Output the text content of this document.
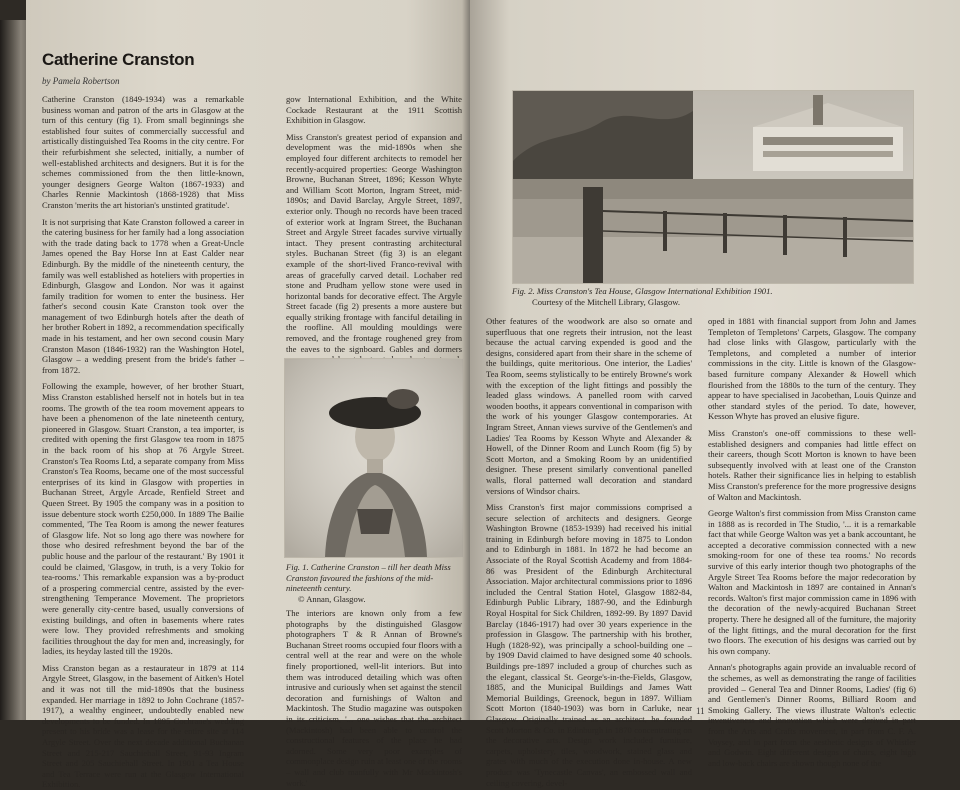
Catherine Cranston
by Pamela Robertson

Catherine Cranston (1849-1934) was a remarkable business woman and patron of the arts in Glasgow at the turn of this century (fig 1). From small beginnings she established four suites of commercially successful and artistically distinguished Tea Rooms in the city centre. For their refurbishment she selected, initially, a number of well-established architects and designers. But it is for the schemes commissioned from the then little-known, younger designers George Walton (1867-1933) and Charles Rennie Mackintosh (1868-1928) that Miss Cranston 'merits the art historian's unstinted gratitude'.

It is not surprising that Kate Cranston followed a career in the catering business for her family had a long association with the trade dating back to 1778 when a Great-Uncle James opened the Bay Horse Inn at East Calder near Edinburgh. By the middle of the nineteenth century, the family was well established as hoteliers with properties in Edinburgh, Glasgow and London. Nor was it against family tradition for women to enter the business. Her father's second cousin Kate Cranston took over the management of two Edinburgh hotels after the death of her brother Robert in 1892, a recommendation specifically made in his testament, and her own second cousin Mary Cranston Mason (1846-1932) ran the Washington Hotel, Glasgow – a wedding present from the bride's father – from 1872.

Following the example, however, of her brother Stuart, Miss Cranston established herself not in hotels but in tea rooms. The growth of the tea room movement appears to have been a phenomenon of the late nineteenth century, pioneered in Glasgow. Stuart Cranston, a tea importer, is credited with opening the first Glasgow tea room in 1875 in the back room of his shop at 76 Argyle Street. Cranston's Tea Rooms Ltd, a separate company from Miss Cranston's Tea Rooms, became one of the most successful enterprises of its kind in Glasgow with properties in Buchanan Street, Argyle Arcade, Renfield Street and Queen Street. By 1905 the company was in a position to issue debenture stock worth £250,000. In 1889 The Bailie commented, 'The Tea Room is among the newer features of Glasgow life. Not so long ago there was nowhere for those who desired refreshment beyond the bar of the public house and the parlour of the restaurant.' By 1901 it could be claimed, 'Glasgow, in truth, is a very Tokio for tea-rooms.' This remarkable expansion was a by-product of a prospering commercial centre, assisted by the ever-strengthening Temperance Movement. The proprietors were generally city-centre based, usually conversions of existing buildings, and often in basements where rates were low. They provided refreshments and smoking facilities throughout the day for men and, increasingly, for ladies, its heyday lasted till the 1920s.

Miss Cranston began as a restaurateur in 1879 at 114 Argyle Street, Glasgow, in the basement of Aitken's Hotel and it was not till the mid-1890s that the business expanded. Her marriage in 1892 to John Cochrane (1857-1917), a wealthy engineer, undoubtedly enabled new developments to be funded. In 1895 Cochrane's wedding present to his bride was a lease for the entire site at 114 Argyle Street. Over the next decade additional Buchanan Street and 215-217 Sauchiehall Street, 91-93 Ingram Street and 205 Sauchiehall Street. In 1901 a Tea House and Tea Terrace were run at the Glasgow International Exhibition.

gow International Exhibition, and the White Cockade Restaurant at the 1911 Scottish Exhibition in Glasgow.

Miss Cranston's greatest period of expansion and development was the mid-1890s when she employed four different architects to remodel her recently-acquired properties: George Washington Browne, Buchanan Street, 1896; Kesson Whyte and William Scott Morton, Ingram Street, mid-1890s; and David Barclay, Argyle Street, 1897, exterior only. Though no records have been traced of exterior work at Ingram Street, the Buchanan Street and Argyle Street facades survive virtually intact. They present contrasting architectural styles. Buchanan Street (fig 3) is an elegant example of the short-lived Franco-revival with areas of gracefully carved detail. Lochaber red stone and Prudham yellow stone were used in horizontal bands for decorative effect. The Argyle Street facade (fig 2) presents a more austere but equally striking frontage with fanciful detailing in the roofline. All moulding mouldings were removed, and the frontage roughened grey from the eaves to the signboard. Gables and dormers

Fig. 1. Catherine Cranston – till her death Miss Cranston favoured the fashions of the mid-nineteenth century.
© Annan, Glasgow.

The interiors are known only from a few photographs by the distinguished Glasgow photographers T & R Annan of Browne's Buchanan Street rooms occupied four floors with a central well at the rear and were on the whole finely proportioned, well-lit interiors. But into them was introduced detailing which was often intrusive and curiously when set against the stencil decoration and furnishings of Walton and Mackintosh. The Studio magazine was outspoken in its criticism, '... one wishes that the architect (Mackintosh) had been able to control the constructional features of the place he had adorned. Some very poor examples of commonplace design ruin at least one of the rooms – wall and club manfully with Mr Mackintosh's work.'

Fig. 2. Miss Cranston's Tea House, Glasgow International Exhibition 1901.
Courtesy of the Mitchell Library, Glasgow.

Other features of the woodwork are also so ornate and superfluous that one regrets their intrusion, not the least because the actual carving expended is good and the designs, considered apart from their share in the scheme of the buildings, quite meritorious. One interior, the Ladies' Tea Room, seems stylistically to be entirely Browne's work with the exception of the light fittings and possibly the leaded glass windows. A panelled room with carved wooden booths, it appears conventional in comparison with the work of his younger Glasgow contemporaries. At Ingram Street, Annan views survive of the Gentlemen's and Ladies' Tea Rooms by Kesson Whyte and Alexander & Howell, of the Dinner Room and Lunch Room (fig 5) by Scott Morton, and a Smoking Room by an unidentified designer. These present similarly conventional panelled walls, floral patterned wall decoration and standard versions of Windsor chairs.

Miss Cranston's first major commissions comprised a secure selection of architects and designers. George Washington Browne (1853-1939) had received his initial training in Edinburgh before moving in 1875 to London and to Edinburgh in 1881. In 1872 he had become an Associate of the Royal Scottish Academy and from 1884-86 was President of the Edinburgh Architectural Association. Major architectural commissions prior to 1896 included the Central Station Hotel, Glasgow 1882-84, Edinburgh Public Library, 1887-90, and the Edinburgh Royal Hospital for Sick Children, 1892-99. By 1897 David Barclay (1846-1917) had over 30 years experience in the profession in Glasgow. The partnership with his brother, Hugh (1828-92), was principally a school-building one – by 1909 David claimed to have designed some 40 schools. Buildings pre-1897 included a group of churches such as the elegant, classical St. George's-in-the-Fields, Glasgow, 1885, and the Municipal Buildings and James Watt Memorial Buildings, Greenock, begun in 1897. William Scott Morton (1840-1903) was born in Carluke, near Glasgow. Originally trained as an architect, he founded Scott Morton & Co. in Edinburgh in 1870 concentrating on the decorative arts. Design work included furniture, carpets, upholstery, tiles, woodwork, stained glass and grates with much of the execution done in-house. A new product was 'Tynecastle Canvas', an embossed wall and ceiling covering, devel-

oped in 1881 with financial support from John and James Templeton of Templetons' Carpets, Glasgow. The company had close links with Glasgow, particularly with the Templetons, and completed a number of interior commissions in the city. Little is known of the Glasgow-based furniture company Alexander & Howell which flourished from the 1880s to the turn of the century. They appear to have specialised in Jacobethan, Louis Quinze and other standard styles of the period. To date, however, Kesson Whyte has proved an elusive figure.

Miss Cranston's one-off commissions to these well-established designers and companies had little effect on their careers, though Scott Morton is known to have been subsequently involved with at least one of the Cranston hotels. Rather their significance lies in helping to establish Miss Cranston's preference for the more progressive designs of Walton and Mackintosh.

George Walton's first commission from Miss Cranston came in 1888 as is recorded in The Studio, '... it is a remarkable fact that while George Walton was yet a bank accountant, he accepted a decorative commission connected with a new smoking-room for one of these tea rooms.' No records survive of this early interior though two photographs of the Argyle Street Tea Rooms before the major redecoration by Walton and Mackintosh in 1897 are contained in Annan's records. Walton's first major commission came in 1896 with the decoration of the newly-acquired Buchanan Street property. There he designed all of the furniture, the majority of the light fittings, and the mural decoration for the first two floors. The execution of his designs was carried out by his own company.

Annan's photographs again provide an invaluable record of the schemes, as well as demonstrating the range of facilities provided – General Tea and Dinner Rooms, Ladies' (fig 6) and Gentlemen's Dinner Rooms, Billiard Room and Smoking Gallery. The views illustrate Walton's eclectic inventiveness and innovation which were derived in part from the Arts and Crafts movement, in part from C. F. A. Voysey, and in part from the aesthetic designs of Whistler and Godwin. Eight different designs of chairs, eight high and low-back chairs are shown though none of the

11
